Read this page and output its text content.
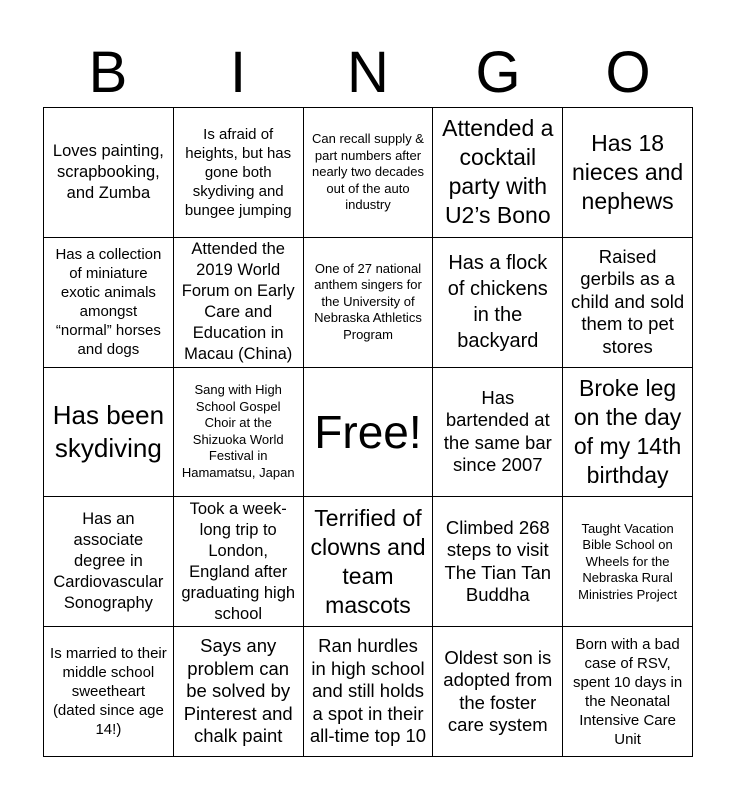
B	I	N	G	O
Loves painting, scrapbooking, and Zumba
Is afraid of heights, but has gone both skydiving and bungee jumping
Can recall supply & part numbers after nearly two decades out of the auto industry
Attended a cocktail party with U2’s Bono
Has 18 nieces and nephews
Has a collection of miniature exotic animals amongst “normal” horses and dogs
Attended the 2019 World Forum on Early Care and Education in Macau (China)
One of 27 national anthem singers for the University of Nebraska Athletics Program
Has a flock of chickens in the backyard
Raised gerbils as a child and sold them to pet stores
Has been skydiving
Sang with High School Gospel Choir at the Shizuoka World Festival in Hamamatsu, Japan
Free!
Has bartended at the same bar since 2007
Broke leg on the day of my 14th birthday
Has an associate degree in Cardiovascular Sonography
Took a week-long trip to London, England after graduating high school
Terrified of clowns and team mascots
Climbed 268 steps to visit The Tian Tan Buddha
Taught Vacation Bible School on Wheels for the Nebraska Rural Ministries Project
Is married to their middle school sweetheart (dated since age 14!)
Says any problem can be solved by Pinterest and chalk paint
Ran hurdles in high school and still holds a spot in their all-time top 10
Oldest son is adopted from the foster care system
Born with a bad case of RSV, spent 10 days in the Neonatal Intensive Care Unit
